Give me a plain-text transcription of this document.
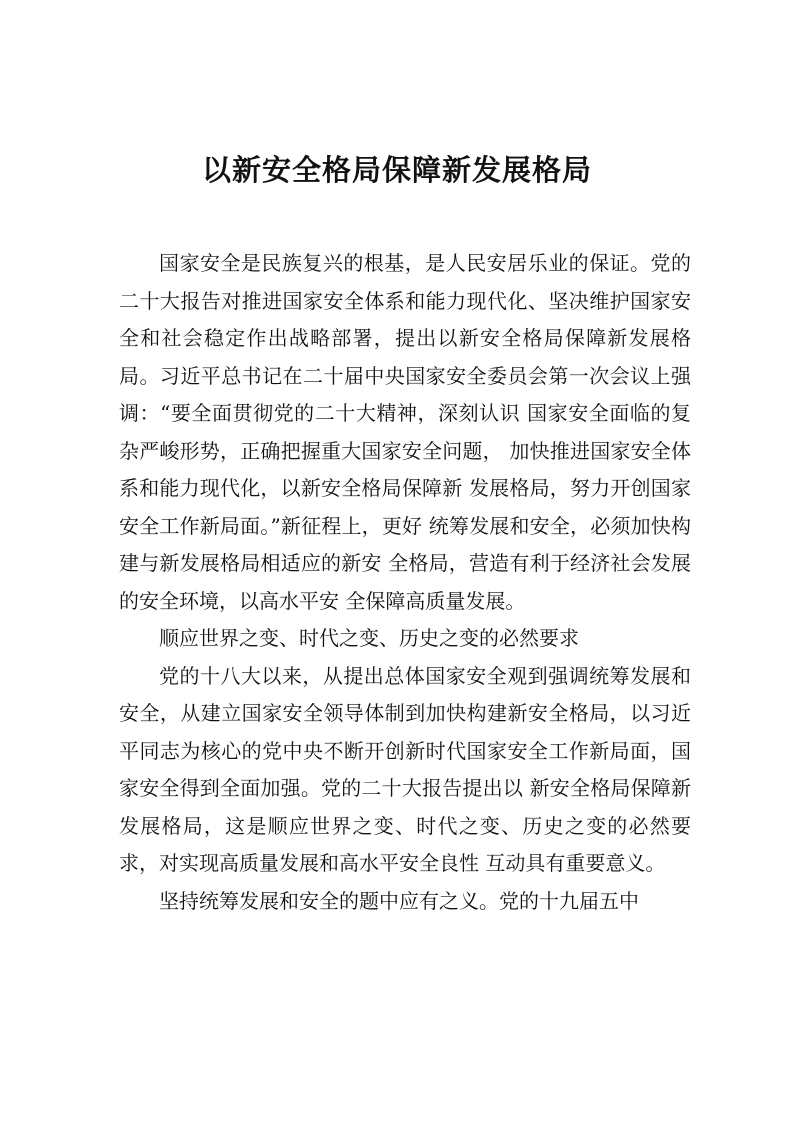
以新安全格局保障新发展格局

国家安全是民族复兴的根基，是人民安居乐业的保证。党的二十大报告对推进国家安全体系和能力现代化、坚决维护国家安全和社会稳定作出战略部署，提出以新安全格局保障新发展格局。习近平总书记在二十届中央国家安全委员会第一次会议上强调：“要全面贯彻党的二十大精神，深刻认识 国家安全面临的复杂严峻形势，正确把握重大国家安全问题， 加快推进国家安全体系和能力现代化，以新安全格局保障新 发展格局，努力开创国家安全工作新局面。”新征程上，更好 统筹发展和安全，必须加快构建与新发展格局相适应的新安 全格局，营造有利于经济社会发展的安全环境，以高水平安 全保障高质量发展。

顺应世界之变、时代之变、历史之变的必然要求

党的十八大以来，从提出总体国家安全观到强调统筹发展和安全，从建立国家安全领导体制到加快构建新安全格局，以习近平同志为核心的党中央不断开创新时代国家安全工作新局面，国家安全得到全面加强。党的二十大报告提出以 新安全格局保障新发展格局，这是顺应世界之变、时代之变、历史之变的必然要求，对实现高质量发展和高水平安全良性 互动具有重要意义。

坚持统筹发展和安全的题中应有之义。党的十九届五中
